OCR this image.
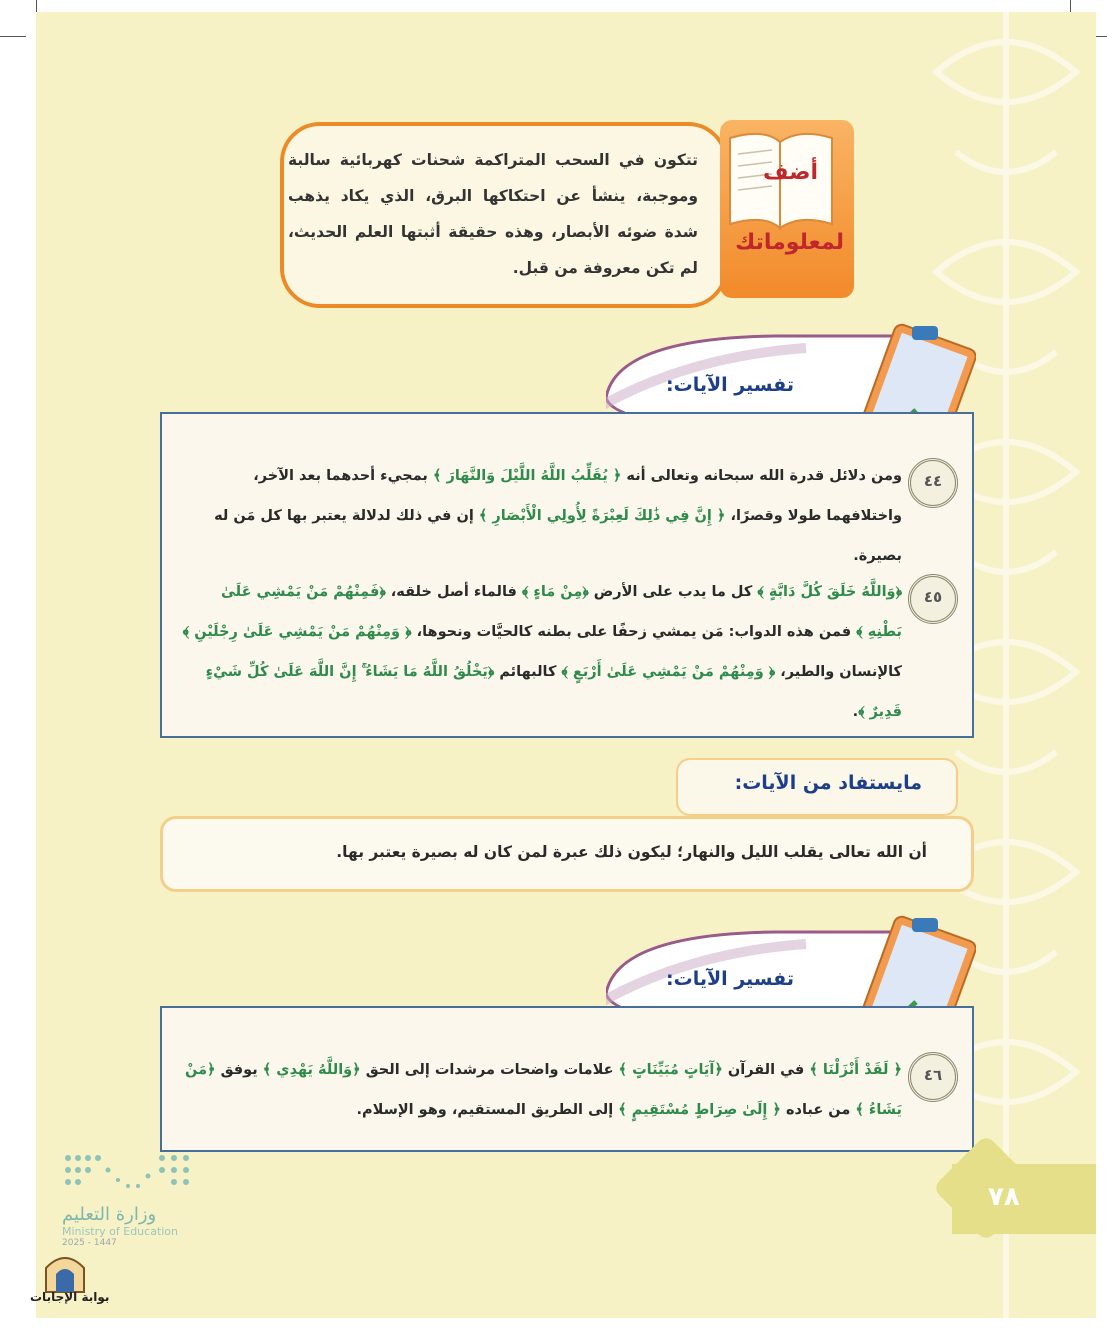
تتكون في السحب المتراكمة شحنات كهربائية سالبة وموجبة، ينشأ عن احتكاكها البرق، الذي يكاد يذهب شدة ضوئه الأبصار، وهذه حقيقة أثبتها العلم الحديث، لم تكن معروفة من قبل.
أضف
لمعلوماتك
تفسير الآيات:
٤٤
ومن دلائل قدرة الله سبحانه وتعالى أنه ﴿ يُقَلِّبُ اللَّهُ اللَّيْلَ وَالنَّهَارَ ﴾ بمجيء أحدهما بعد الآخر، واختلافهما طولا وقصرًا، ﴿ إِنَّ فِي ذَٰلِكَ لَعِبْرَةً لِأُولِي الْأَبْصَارِ ﴾ إن في ذلك لدلالة يعتبر بها كل مَن له بصيرة.
٤٥
﴿وَاللَّهُ خَلَقَ كُلَّ دَابَّةٍ ﴾ كل ما يدب على الأرض ﴿مِنْ مَاءٍ ﴾ فالماء أصل خلقه، ﴿فَمِنْهُمْ مَنْ يَمْشِي عَلَىٰ بَطْنِهِ ﴾ فمن هذه الدواب: مَن يمشي زحفًا على بطنه كالحيَّات ونحوها، ﴿ وَمِنْهُمْ مَنْ يَمْشِي عَلَىٰ رِجْلَيْنِ ﴾ كالإنسان والطير، ﴿ وَمِنْهُمْ مَنْ يَمْشِي عَلَىٰ أَرْبَعٍ ﴾ كالبهائم ﴿يَخْلُقُ اللَّهُ مَا يَشَاءُ ۚ إِنَّ اللَّهَ عَلَىٰ كُلِّ شَيْءٍ قَدِيرٌ ﴾.
مايستفاد من الآيات:
أن الله تعالى يقلب الليل والنهار؛ ليكون ذلك عبرة لمن كان له بصيرة يعتبر بها.
تفسير الآيات:
٤٦
﴿ لَقَدْ أَنْزَلْنَا ﴾ في القرآن ﴿آيَاتٍ مُبَيِّنَاتٍ ﴾ علامات واضحات مرشدات إلى الحق ﴿وَاللَّهُ يَهْدِي ﴾ يوفق ﴿مَنْ يَشَاءُ ﴾ من عباده ﴿ إِلَىٰ صِرَاطٍ مُسْتَقِيمٍ ﴾ إلى الطريق المستقيم، وهو الإسلام.
٧٨
وزارة التعليم
Ministry of Education
2025 - 1447
بوابة الإجابات
